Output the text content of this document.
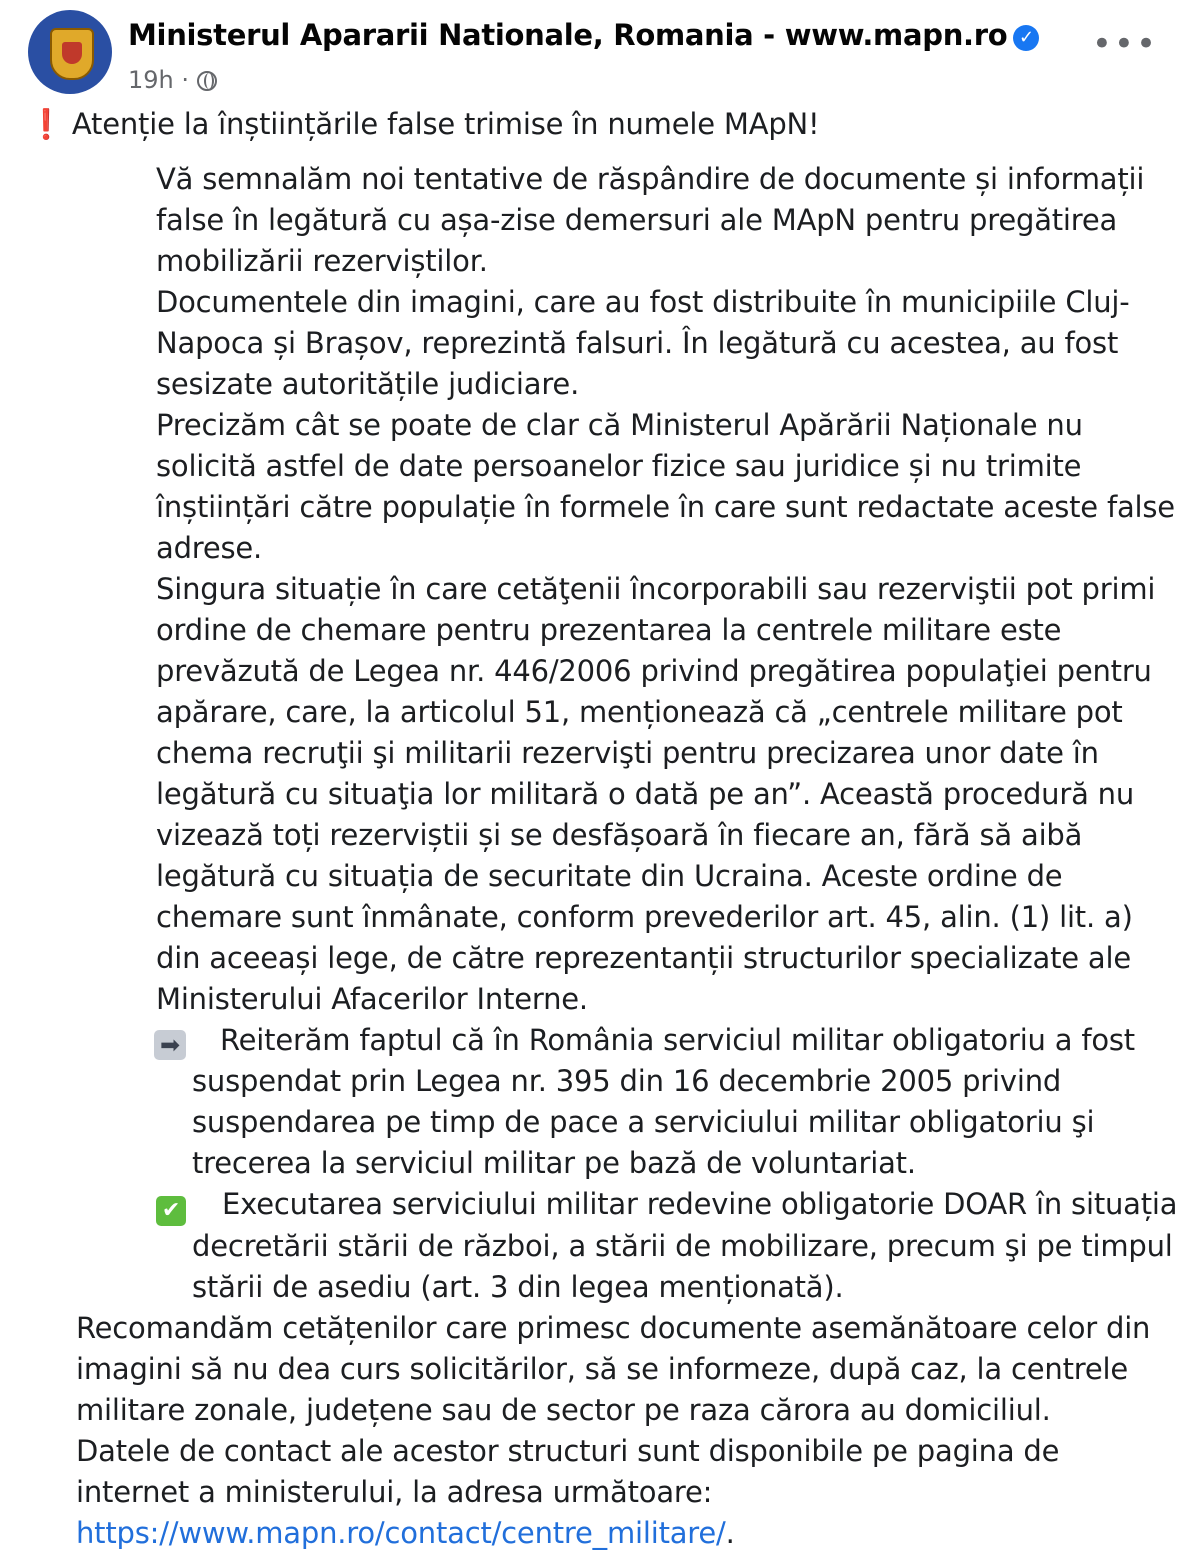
Ministerul Apararii Nationale, Romania - www.mapn.ro ✓
19h ·
•••

❗ Atenție la înștiințările false trimise în numele MApN!

Vă semnalăm noi tentative de răspândire de documente și informații false în legătură cu așa-zise demersuri ale MApN pentru pregătirea mobilizării rezerviștilor.

Documentele din imagini, care au fost distribuite în municipiile Cluj-Napoca și Brașov, reprezintă falsuri. În legătură cu acestea, au fost sesizate autoritățile judiciare.

Precizăm cât se poate de clar că Ministerul Apărării Naționale nu solicită astfel de date persoanelor fizice sau juridice și nu trimite înștiințări către populație în formele în care sunt redactate aceste false adrese.

Singura situație în care cetăţenii încorporabili sau rezerviştii pot primi ordine de chemare pentru prezentarea la centrele militare este prevăzută de Legea nr. 446/2006 privind pregătirea populaţiei pentru apărare, care, la articolul 51, menționează că „centrele militare pot chema recruţii şi militarii rezervişti pentru precizarea unor date în legătură cu situaţia lor militară o dată pe an”. Această procedură nu vizează toți rezerviștii și se desfășoară în fiecare an, fără să aibă legătură cu situația de securitate din Ucraina. Aceste ordine de chemare sunt înmânate, conform prevederilor art. 45, alin. (1) lit. a) din aceeași lege, de către reprezentanții structurilor specializate ale Ministerului Afacerilor Interne.

➡ Reiterăm faptul că în România serviciul militar obligatoriu a fost suspendat prin Legea nr. 395 din 16 decembrie 2005 privind suspendarea pe timp de pace a serviciului militar obligatoriu şi trecerea la serviciul militar pe bază de voluntariat.

✔ Executarea serviciului militar redevine obligatorie DOAR în situația decretării stării de război, a stării de mobilizare, precum şi pe timpul stării de asediu (art. 3 din legea menționată).

Recomandăm cetățenilor care primesc documente asemănătoare celor din imagini să nu dea curs solicitărilor, să se informeze, după caz, la centrele militare zonale, județene sau de sector pe raza cărora au domiciliul.

Datele de contact ale acestor structuri sunt disponibile pe pagina de internet a ministerului, la adresa următoare: https://www.mapn.ro/contact/centre_militare/.
